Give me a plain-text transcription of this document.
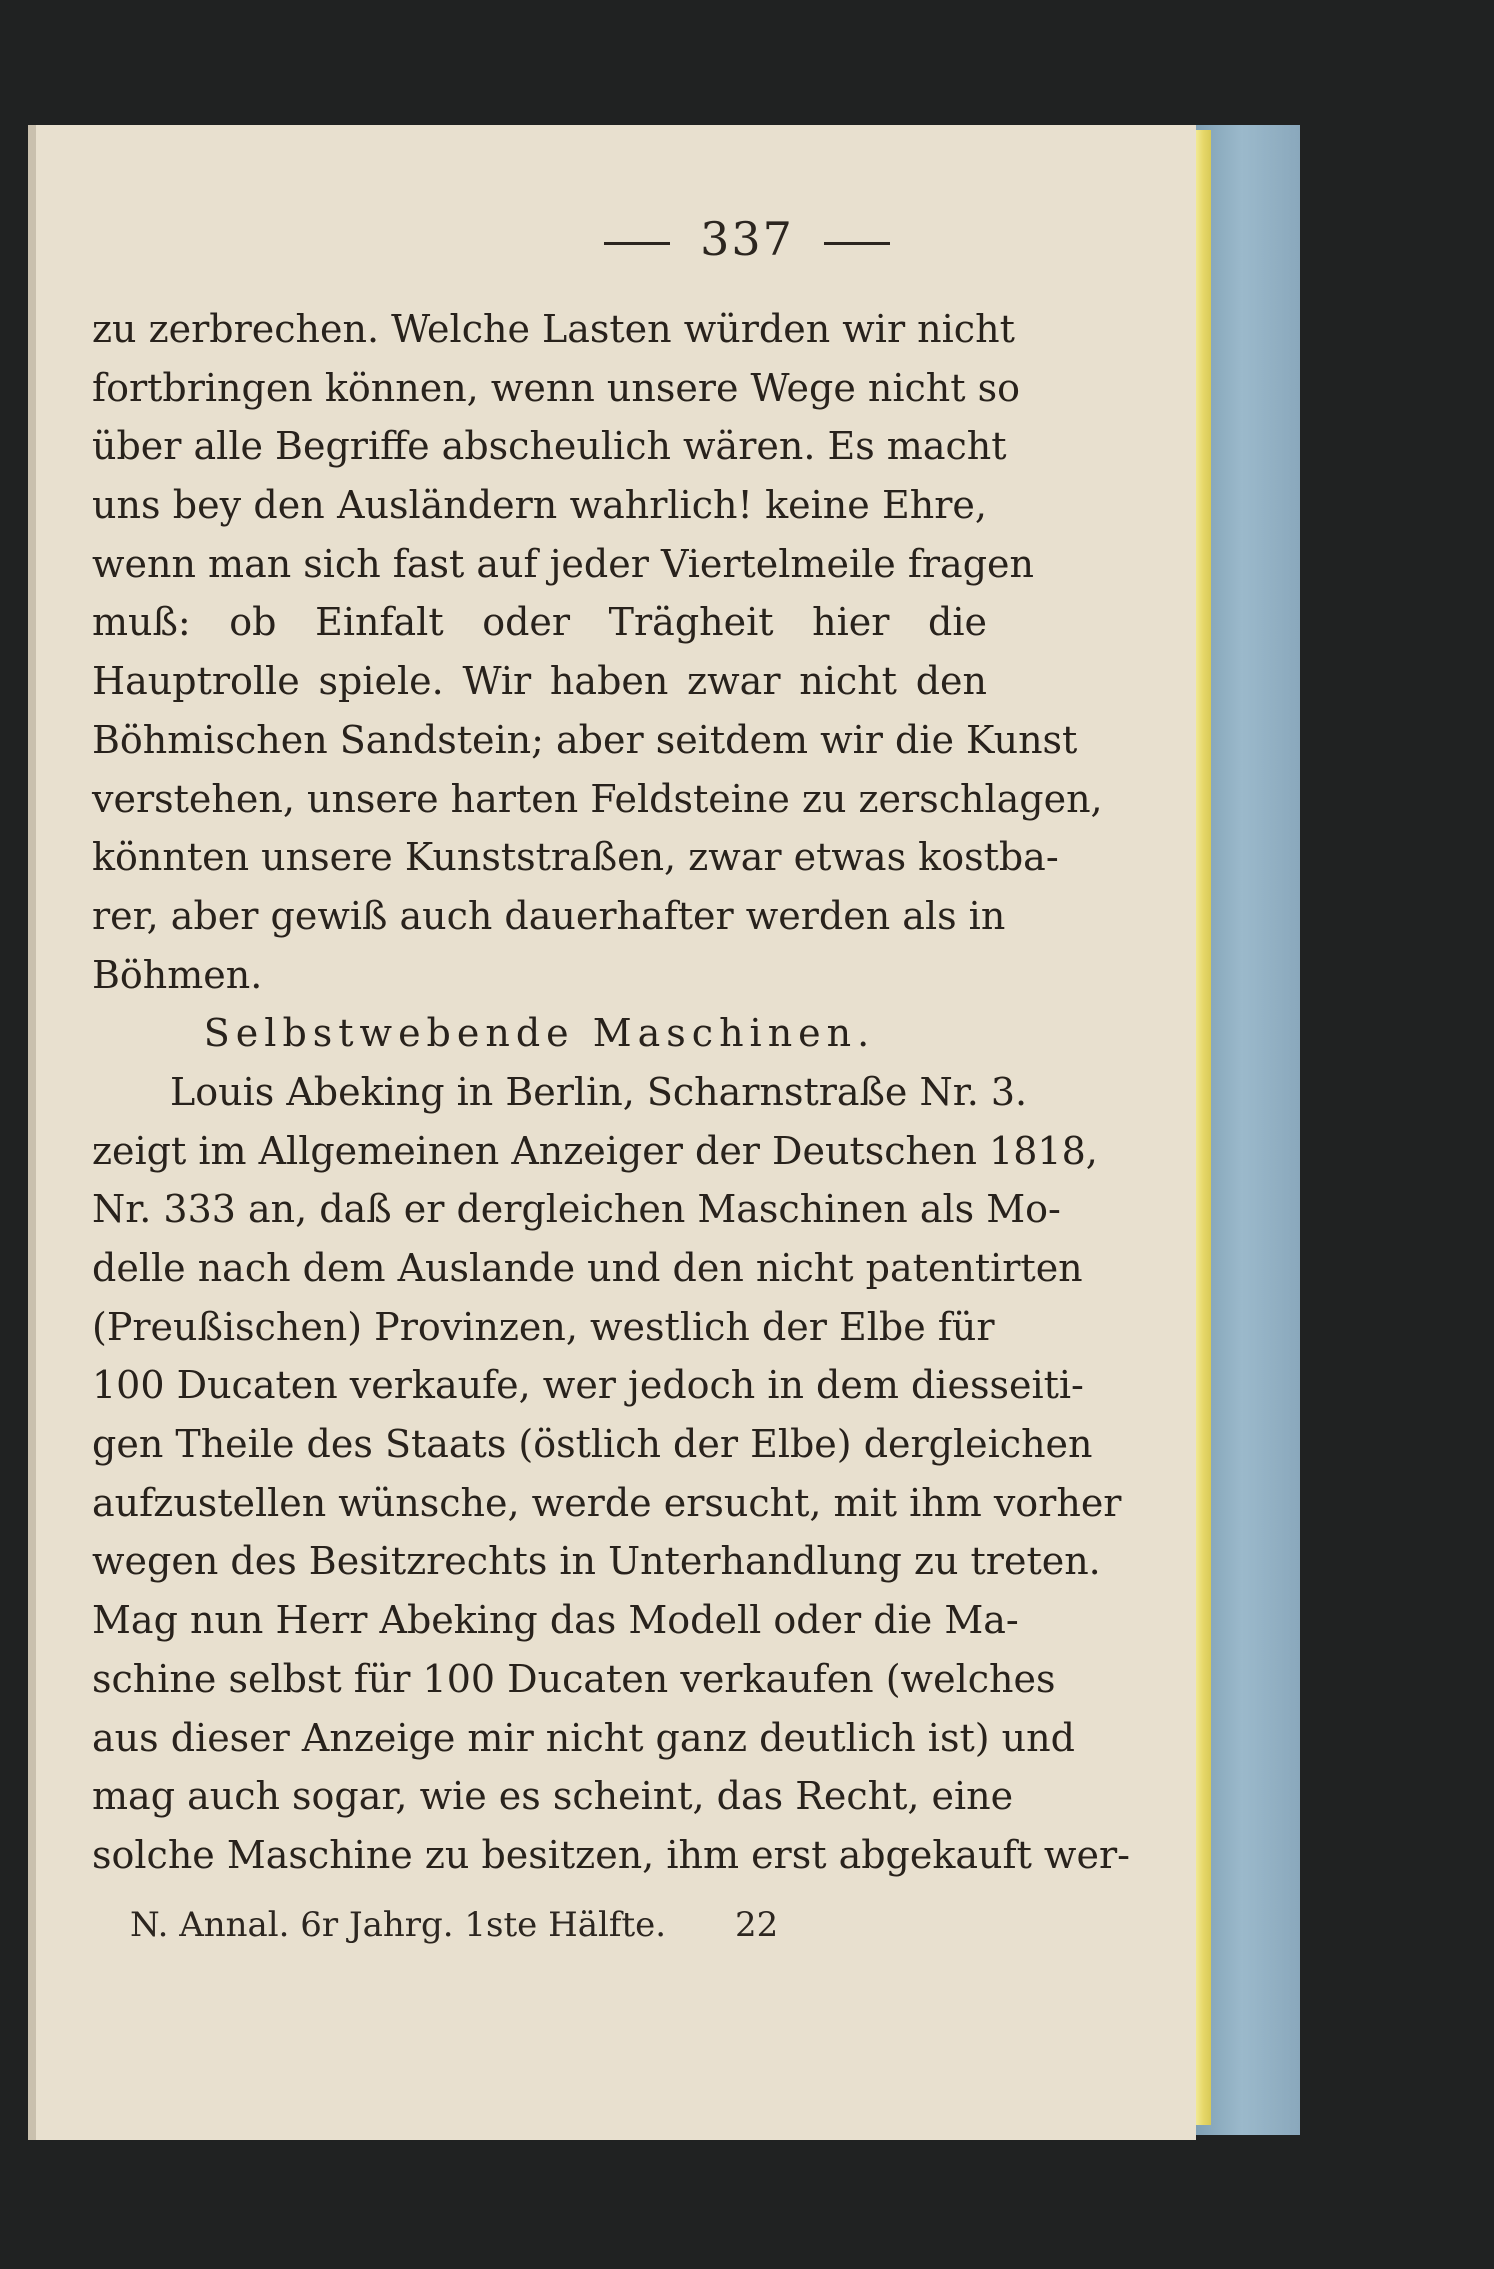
337
zu zerbrechen. Welche Lasten würden wir nicht
fortbringen können, wenn unsere Wege nicht so
über alle Begriffe abscheulich wären. Es macht
uns bey den Ausländern wahrlich! keine Ehre,
wenn man sich fast auf jeder Viertelmeile fragen
muß: ob Einfalt oder Trägheit hier die
Hauptrolle spiele. Wir haben zwar nicht den
Böhmischen Sandstein; aber seitdem wir die Kunst
verstehen, unsere harten Feldsteine zu zerschlagen,
könnten unsere Kunststraßen, zwar etwas kostba-
rer, aber gewiß auch dauerhafter werden als in
Böhmen.
Selbstwebende Maschinen.
Louis Abeking in Berlin, Scharnstraße Nr. 3.
zeigt im Allgemeinen Anzeiger der Deutschen 1818,
Nr. 333 an, daß er dergleichen Maschinen als Mo-
delle nach dem Auslande und den nicht patentirten
(Preußischen) Provinzen, westlich der Elbe für
100 Ducaten verkaufe, wer jedoch in dem diesseiti-
gen Theile des Staats (östlich der Elbe) dergleichen
aufzustellen wünsche, werde ersucht, mit ihm vorher
wegen des Besitzrechts in Unterhandlung zu treten.
Mag nun Herr Abeking das Modell oder die Ma-
schine selbst für 100 Ducaten verkaufen (welches
aus dieser Anzeige mir nicht ganz deutlich ist) und
mag auch sogar, wie es scheint, das Recht, eine
solche Maschine zu besitzen, ihm erst abgekauft wer-
N. Annal. 6r Jahrg. 1ste Hälfte. 22
